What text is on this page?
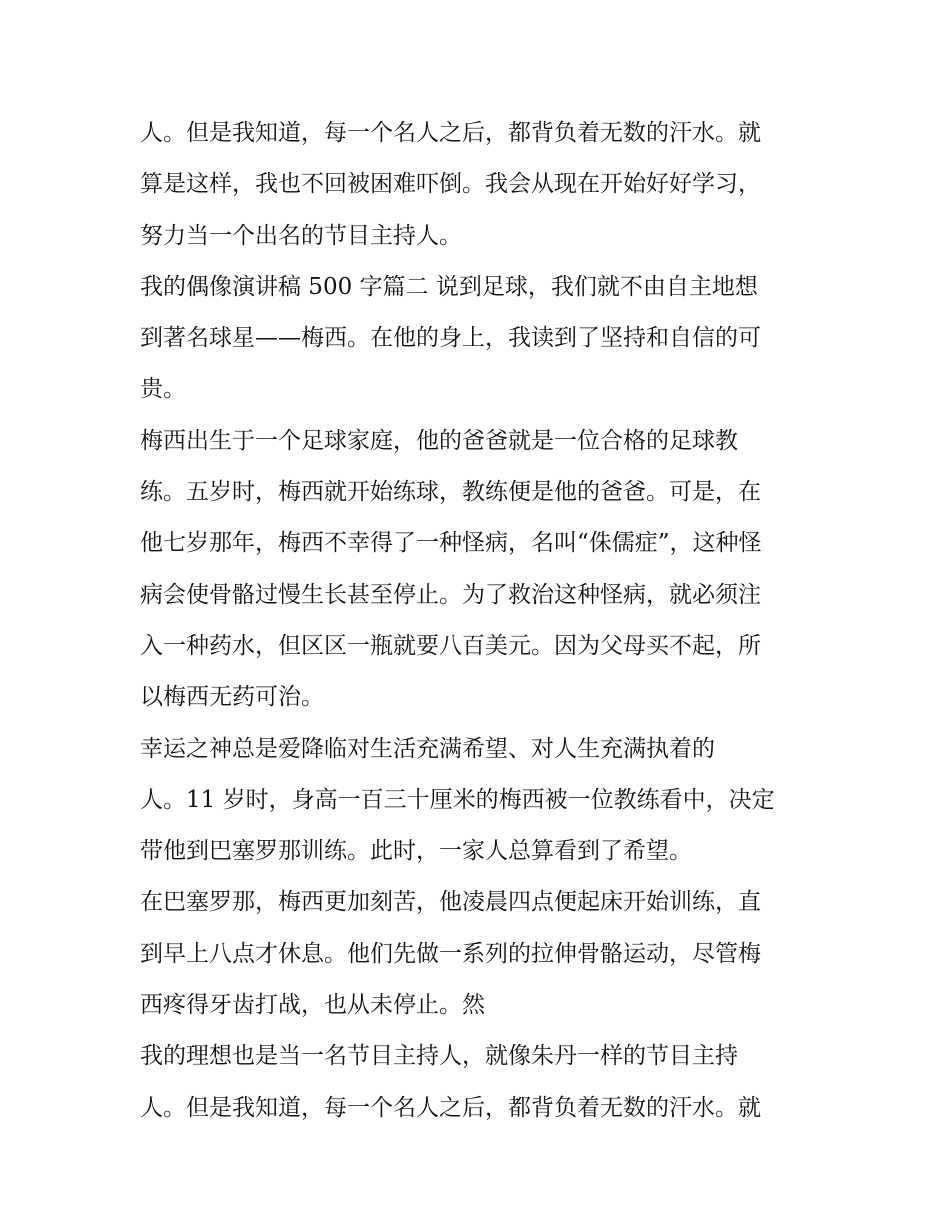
人。但是我知道，每一个名人之后，都背负着无数的汗水。就
算是这样，我也不回被困难吓倒。我会从现在开始好好学习，
努力当一个出名的节目主持人。
我的偶像演讲稿 500 字篇二 说到足球，我们就不由自主地想
到著名球星——梅西。在他的身上，我读到了坚持和自信的可
贵。
梅西出生于一个足球家庭，他的爸爸就是一位合格的足球教
练。五岁时，梅西就开始练球，教练便是他的爸爸。可是，在
他七岁那年，梅西不幸得了一种怪病，名叫“侏儒症”，这种怪
病会使骨骼过慢生长甚至停止。为了救治这种怪病，就必须注
入一种药水，但区区一瓶就要八百美元。因为父母买不起，所
以梅西无药可治。
幸运之神总是爱降临对生活充满希望、对人生充满执着的
人。11 岁时，身高一百三十厘米的梅西被一位教练看中，决定
带他到巴塞罗那训练。此时，一家人总算看到了希望。
在巴塞罗那，梅西更加刻苦，他凌晨四点便起床开始训练，直
到早上八点才休息。他们先做一系列的拉伸骨骼运动，尽管梅
西疼得牙齿打战，也从未停止。然
我的理想也是当一名节目主持人，就像朱丹一样的节目主持
人。但是我知道，每一个名人之后，都背负着无数的汗水。就
